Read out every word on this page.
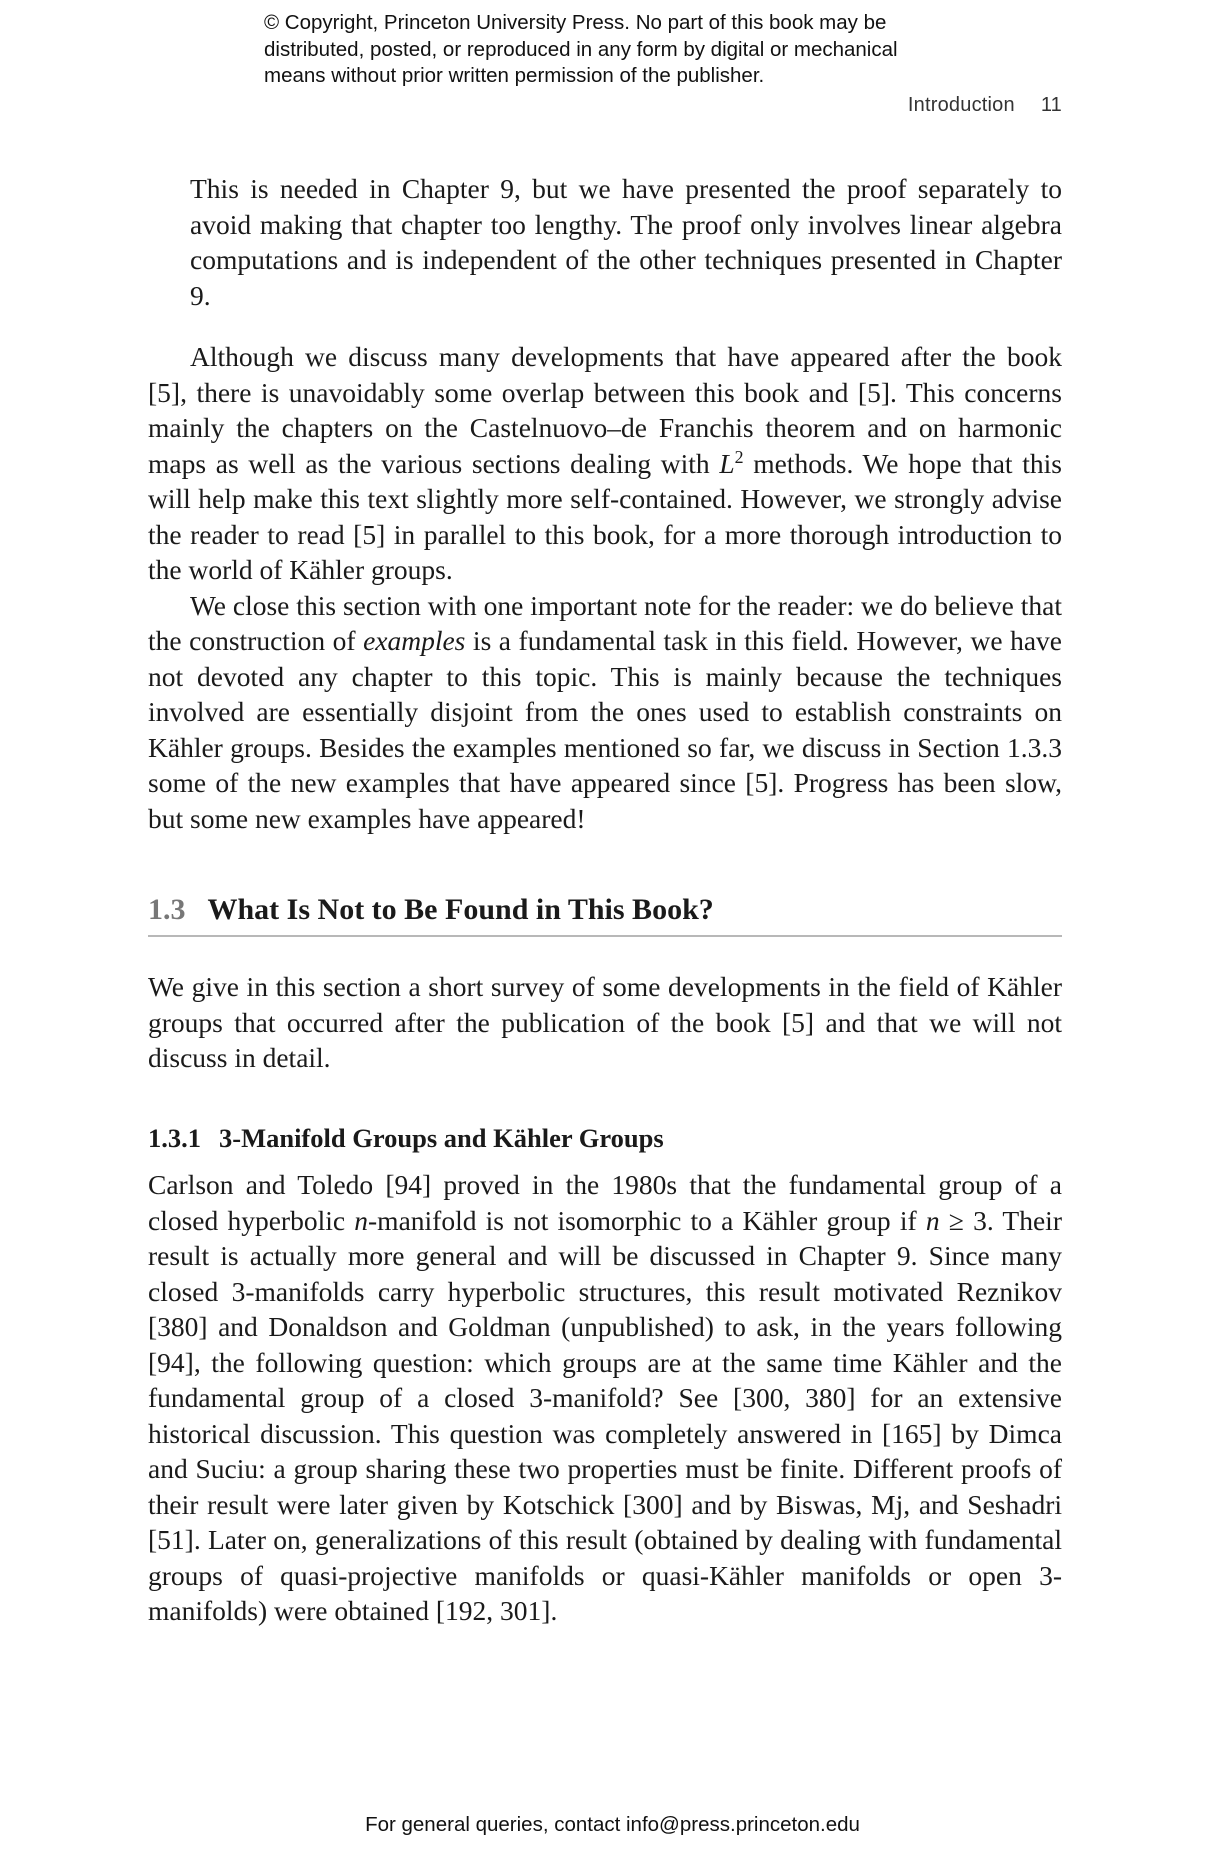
© Copyright, Princeton University Press. No part of this book may be
distributed, posted, or reproduced in any form by digital or mechanical
means without prior written permission of the publisher.
Introduction 11

This is needed in Chapter 9, but we have presented the proof separately to avoid making that chapter too lengthy. The proof only involves linear algebra computations and is independent of the other techniques presented in Chapter 9.

Although we discuss many developments that have appeared after the book [5], there is unavoidably some overlap between this book and [5]. This concerns mainly the chapters on the Castelnuovo–de Franchis theorem and on harmonic maps as well as the various sections dealing with $L^2$ methods. We hope that this will help make this text slightly more self-contained. However, we strongly advise the reader to read [5] in parallel to this book, for a more thorough introduction to the world of Kähler groups.

We close this section with one important note for the reader: we do believe that the construction of examples is a fundamental task in this field. However, we have not devoted any chapter to this topic. This is mainly because the techniques involved are essentially disjoint from the ones used to establish constraints on Kähler groups. Besides the examples mentioned so far, we discuss in Section 1.3.3 some of the new examples that have appeared since [5]. Progress has been slow, but some new examples have appeared!

1.3 What Is Not to Be Found in This Book?

We give in this section a short survey of some developments in the field of Kähler groups that occurred after the publication of the book [5] and that we will not discuss in detail.

1.3.1 3-Manifold Groups and Kähler Groups

Carlson and Toledo [94] proved in the 1980s that the fundamental group of a closed hyperbolic n-manifold is not isomorphic to a Kähler group if n ≥ 3. Their result is actually more general and will be discussed in Chapter 9. Since many closed 3-manifolds carry hyperbolic structures, this result motivated Reznikov [380] and Donaldson and Goldman (unpublished) to ask, in the years following [94], the following question: which groups are at the same time Kähler and the fundamental group of a closed 3-manifold? See [300, 380] for an extensive historical discussion. This question was completely answered in [165] by Dimca and Suciu: a group sharing these two properties must be finite. Different proofs of their result were later given by Kotschick [300] and by Biswas, Mj, and Seshadri [51]. Later on, generalizations of this result (obtained by dealing with fundamental groups of quasi-projective manifolds or quasi-Kähler manifolds or open 3-manifolds) were obtained [192, 301].

For general queries, contact info@press.princeton.edu
